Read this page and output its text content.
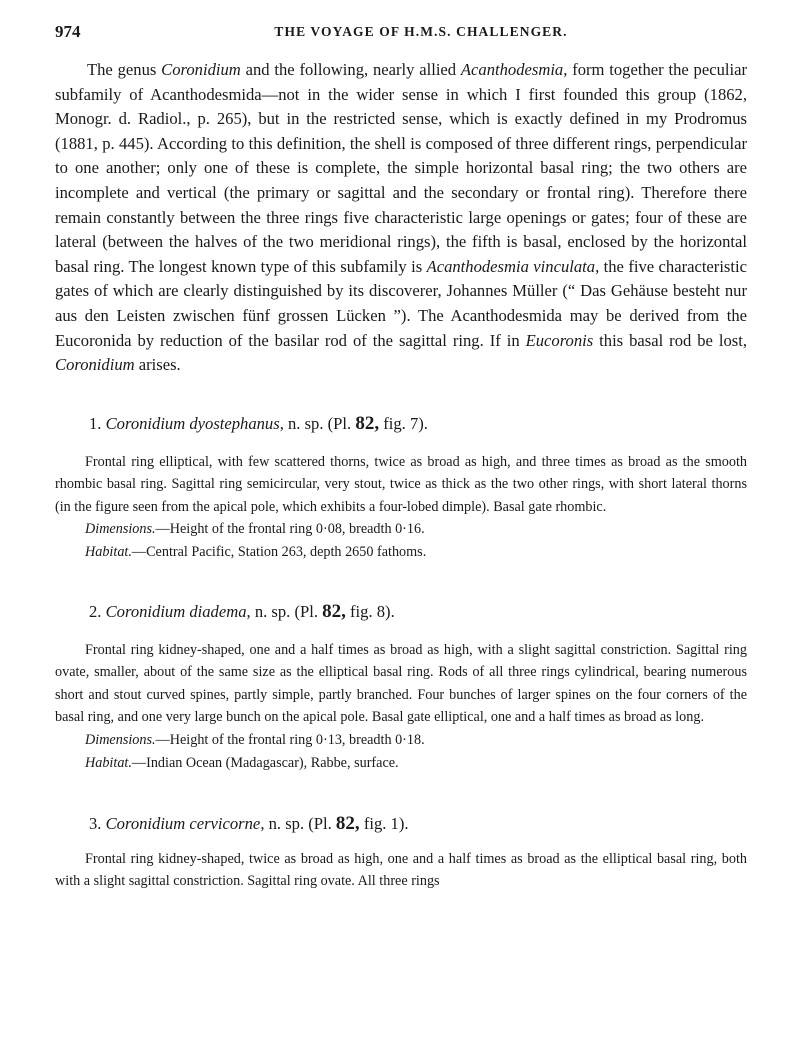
974	THE VOYAGE OF H.M.S. CHALLENGER.

The genus Coronidium and the following, nearly allied Acanthodesmia, form together the peculiar subfamily of Acanthodesmida—not in the wider sense in which I first founded this group (1862, Monogr. d. Radiol., p. 265), but in the restricted sense, which is exactly defined in my Prodromus (1881, p. 445). According to this definition, the shell is composed of three different rings, perpendicular to one another; only one of these is complete, the simple horizontal basal ring; the two others are incomplete and vertical (the primary or sagittal and the secondary or frontal ring). Therefore there remain constantly between the three rings five characteristic large openings or gates; four of these are lateral (between the halves of the two meridional rings), the fifth is basal, enclosed by the horizontal basal ring. The longest known type of this subfamily is Acanthodesmia vinculata, the five characteristic gates of which are clearly distinguished by its discoverer, Johannes Müller (“ Das Gehäuse besteht nur aus den Leisten zwischen fünf grossen Lücken ”). The Acanthodesmida may be derived from the Eucoronida by reduction of the basilar rod of the sagittal ring. If in Eucoronis this basal rod be lost, Coronidium arises.

1. Coronidium dyostephanus, n. sp. (Pl. 82, fig. 7).

Frontal ring elliptical, with few scattered thorns, twice as broad as high, and three times as broad as the smooth rhombic basal ring. Sagittal ring semicircular, very stout, twice as thick as the two other rings, with short lateral thorns (in the figure seen from the apical pole, which exhibits a four-lobed dimple). Basal gate rhombic.

Dimensions.—Height of the frontal ring 0·08, breadth 0·16.

Habitat.—Central Pacific, Station 263, depth 2650 fathoms.

2. Coronidium diadema, n. sp. (Pl. 82, fig. 8).

Frontal ring kidney-shaped, one and a half times as broad as high, with a slight sagittal constriction. Sagittal ring ovate, smaller, about of the same size as the elliptical basal ring. Rods of all three rings cylindrical, bearing numerous short and stout curved spines, partly simple, partly branched. Four bunches of larger spines on the four corners of the basal ring, and one very large bunch on the apical pole. Basal gate elliptical, one and a half times as broad as long.

Dimensions.—Height of the frontal ring 0·13, breadth 0·18.

Habitat.—Indian Ocean (Madagascar), Rabbe, surface.

3. Coronidium cervicorne, n. sp. (Pl. 82, fig. 1).

Frontal ring kidney-shaped, twice as broad as high, one and a half times as broad as the elliptical basal ring, both with a slight sagittal constriction. Sagittal ring ovate. All three rings
